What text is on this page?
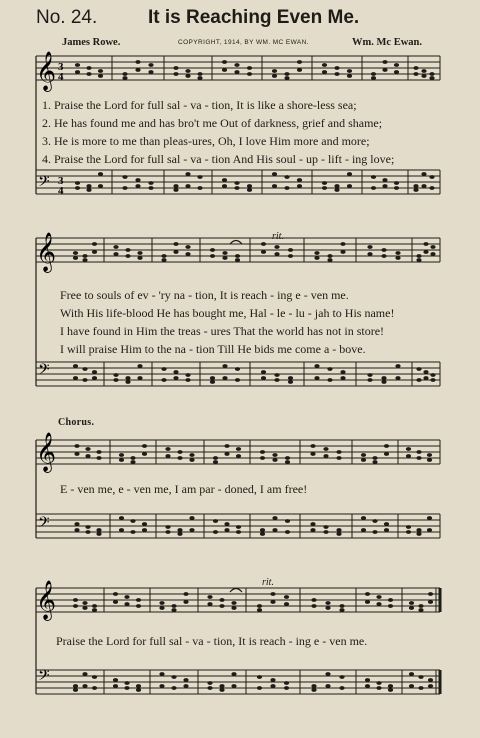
No. 24.	It is Reaching Even Me.
James Rowe.	COPYRIGHT, 1914, BY WM. MC EWAN.	Wm. Mc Ewan.
𝄞
𝄞
𝄞
𝄞
𝄢
𝄢
𝄢
𝄢
3
4
3
4
rit.
rit.
1. Praise the Lord for full sal - va - tion, It is like a shore-less sea;
2. He has found me and has bro't me Out of darkness, grief and shame;
3. He is more to me than pleas-ures, Oh, I love Him more and more;
4. Praise the Lord for full sal - va - tion And His soul - up - lift - ing love;
Free to souls of ev - 'ry na - tion, It is reach - ing e - ven me.
With His life-blood He has bought me, Hal - le - lu - jah to His name!
I have found in Him the treas - ures That the world has not in store!
I will praise Him to the na - tion Till He bids me come a - bove.
Chorus.
E - ven me, e - ven me, I am par - doned, I am free!
Praise the Lord for full sal - va - tion, It is reach - ing e - ven me.
